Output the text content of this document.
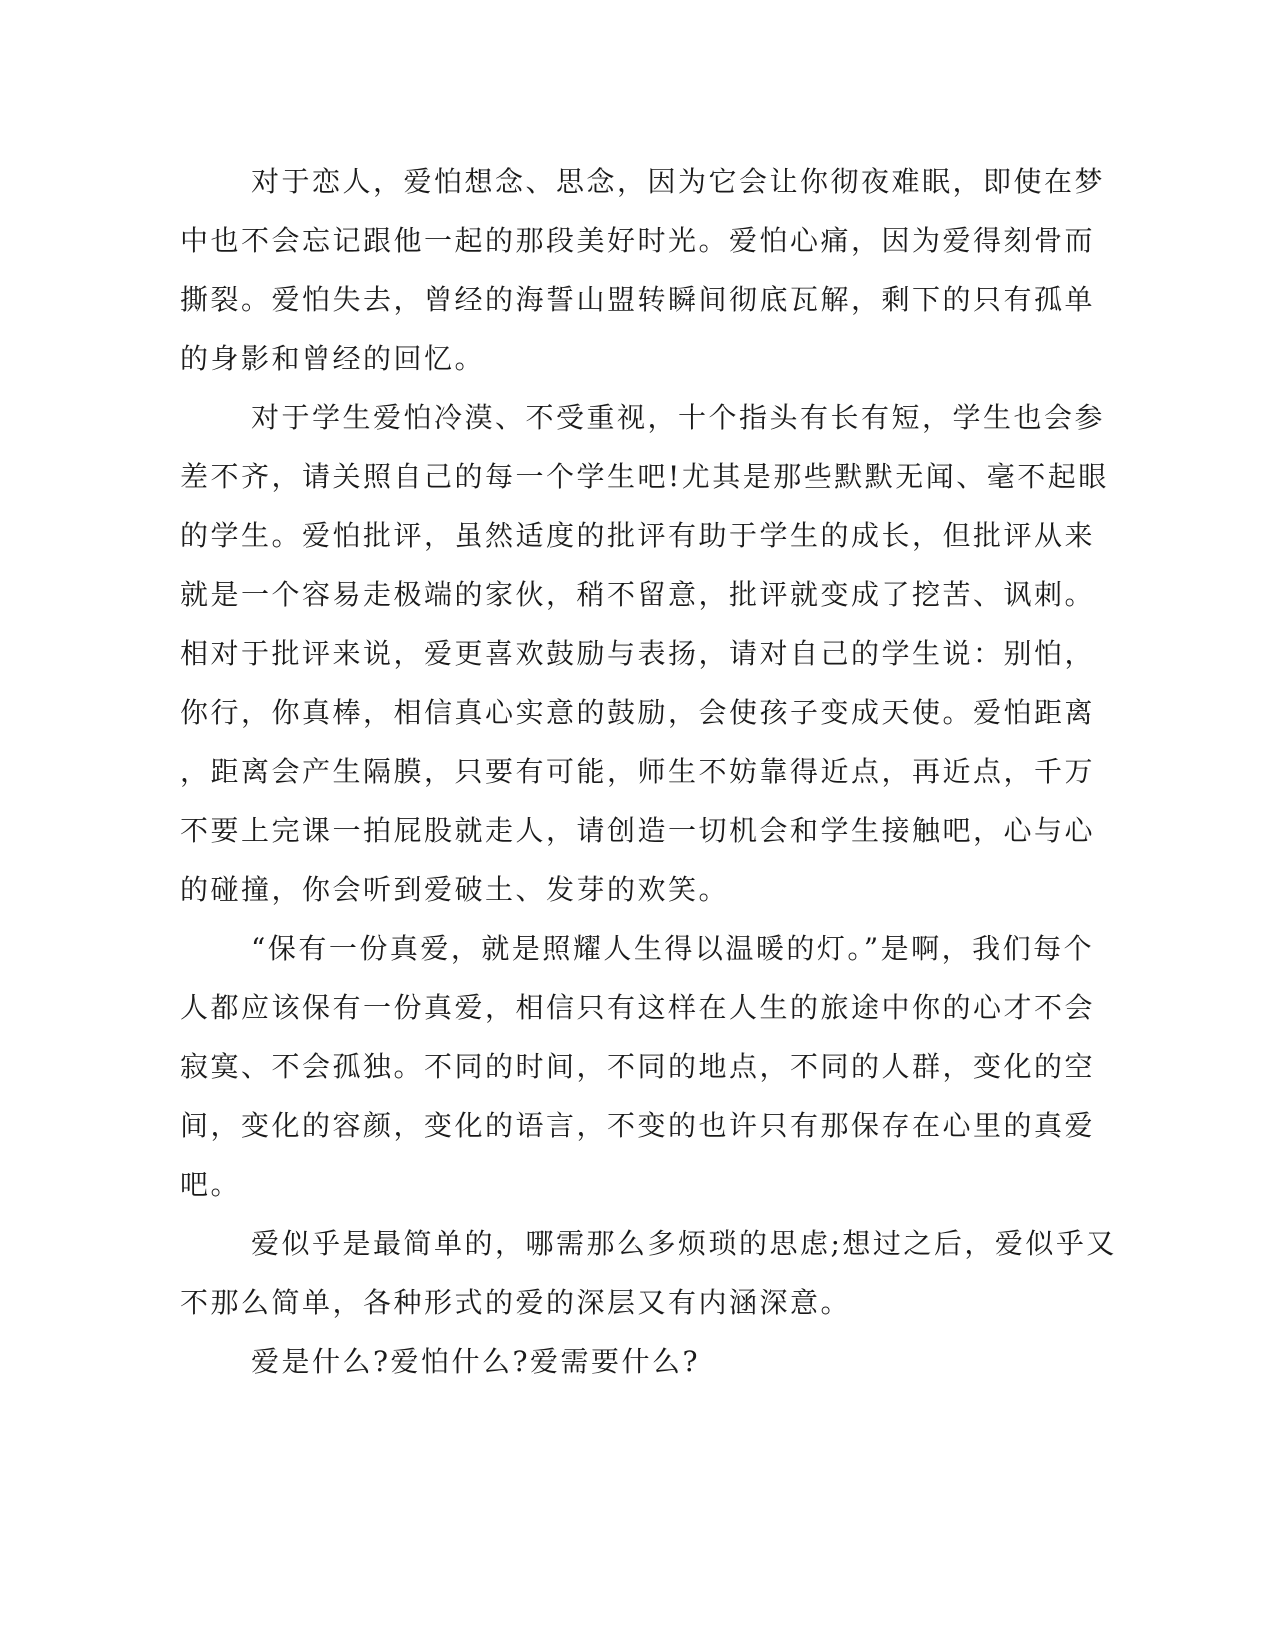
对于恋人，爱怕想念、思念，因为它会让你彻夜难眠，即使在梦
中也不会忘记跟他一起的那段美好时光。爱怕心痛，因为爱得刻骨而
撕裂。爱怕失去，曾经的海誓山盟转瞬间彻底瓦解，剩下的只有孤单
的身影和曾经的回忆。
对于学生爱怕冷漠、不受重视，十个指头有长有短，学生也会参
差不齐，请关照自己的每一个学生吧!尤其是那些默默无闻、毫不起眼
的学生。爱怕批评，虽然适度的批评有助于学生的成长，但批评从来
就是一个容易走极端的家伙，稍不留意，批评就变成了挖苦、讽刺。
相对于批评来说，爱更喜欢鼓励与表扬，请对自己的学生说：别怕，
你行，你真棒，相信真心实意的鼓励，会使孩子变成天使。爱怕距离
，距离会产生隔膜，只要有可能，师生不妨靠得近点，再近点，千万
不要上完课一拍屁股就走人，请创造一切机会和学生接触吧，心与心
的碰撞，你会听到爱破土、发芽的欢笑。
“保有一份真爱，就是照耀人生得以温暖的灯。”是啊，我们每个
人都应该保有一份真爱，相信只有这样在人生的旅途中你的心才不会
寂寞、不会孤独。不同的时间，不同的地点，不同的人群，变化的空
间，变化的容颜，变化的语言，不变的也许只有那保存在心里的真爱
吧。
爱似乎是最简单的，哪需那么多烦琐的思虑;想过之后，爱似乎又
不那么简单，各种形式的爱的深层又有内涵深意。
爱是什么?爱怕什么?爱需要什么?
